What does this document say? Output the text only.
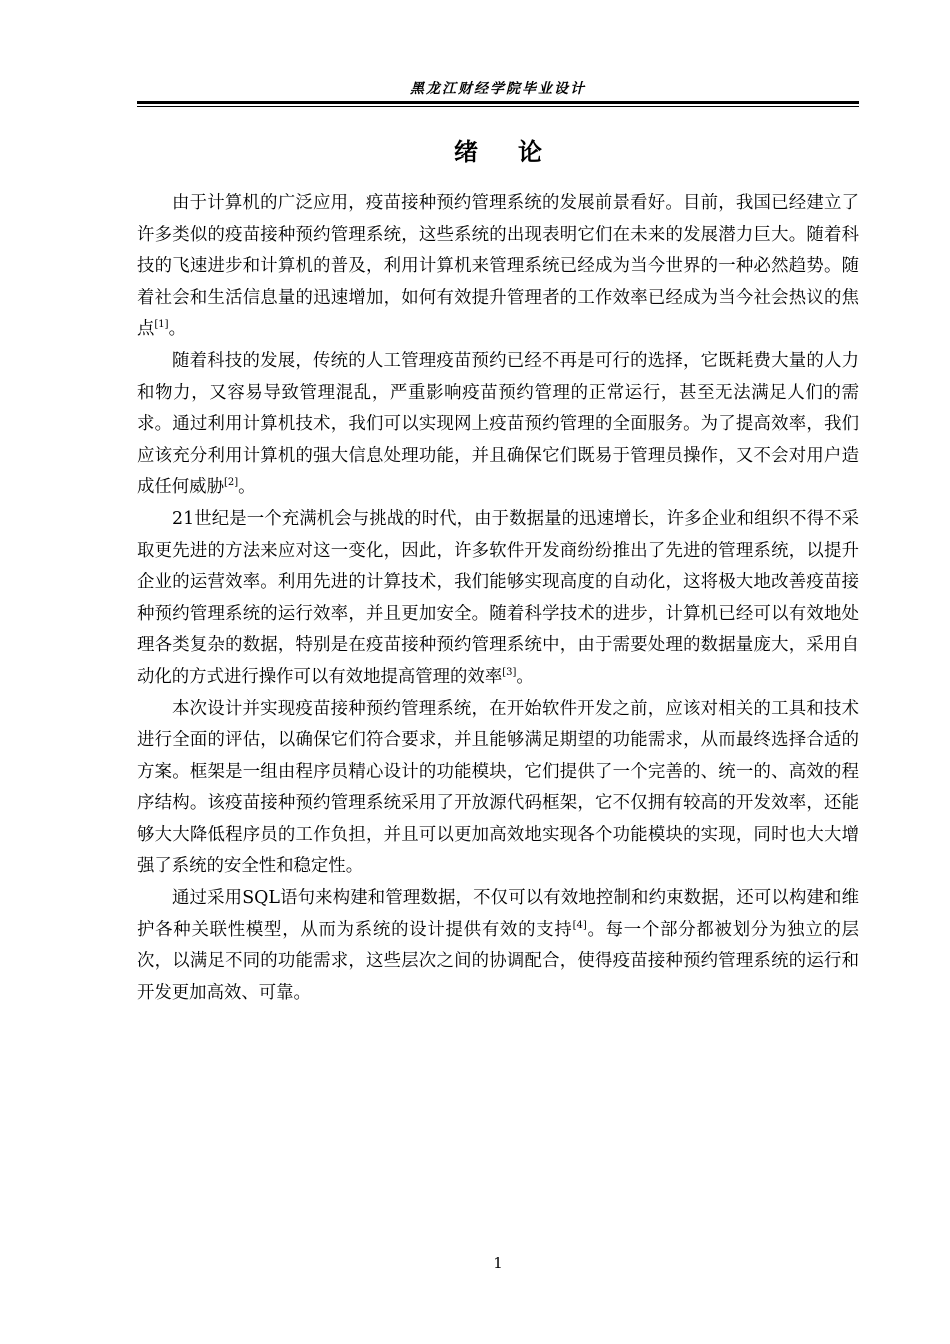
黑龙江财经学院毕业设计
绪论

由于计算机的广泛应用，疫苗接种预约管理系统的发展前景看好。目前，我国已经建立了许多类似的疫苗接种预约管理系统，这些系统的出现表明它们在未来的发展潜力巨大。随着科技的飞速进步和计算机的普及，利用计算机来管理系统已经成为当今世界的一种必然趋势。随着社会和生活信息量的迅速增加，如何有效提升管理者的工作效率已经成为当今社会热议的焦点[1]。

随着科技的发展，传统的人工管理疫苗预约已经不再是可行的选择，它既耗费大量的人力和物力，又容易导致管理混乱，严重影响疫苗预约管理的正常运行，甚至无法满足人们的需求。通过利用计算机技术，我们可以实现网上疫苗预约管理的全面服务。为了提高效率，我们应该充分利用计算机的强大信息处理功能，并且确保它们既易于管理员操作，又不会对用户造成任何威胁[2]。

21世纪是一个充满机会与挑战的时代，由于数据量的迅速增长，许多企业和组织不得不采取更先进的方法来应对这一变化，因此，许多软件开发商纷纷推出了先进的管理系统，以提升企业的运营效率。利用先进的计算技术，我们能够实现高度的自动化，这将极大地改善疫苗接种预约管理系统的运行效率，并且更加安全。随着科学技术的进步，计算机已经可以有效地处理各类复杂的数据，特别是在疫苗接种预约管理系统中，由于需要处理的数据量庞大，采用自动化的方式进行操作可以有效地提高管理的效率[3]。

本次设计并实现疫苗接种预约管理系统，在开始软件开发之前，应该对相关的工具和技术进行全面的评估，以确保它们符合要求，并且能够满足期望的功能需求，从而最终选择合适的方案。框架是一组由程序员精心设计的功能模块，它们提供了一个完善的、统一的、高效的程序结构。该疫苗接种预约管理系统采用了开放源代码框架，它不仅拥有较高的开发效率，还能够大大降低程序员的工作负担，并且可以更加高效地实现各个功能模块的实现，同时也大大增强了系统的安全性和稳定性。

通过采用SQL语句来构建和管理数据，不仅可以有效地控制和约束数据，还可以构建和维护各种关联性模型，从而为系统的设计提供有效的支持[4]。每一个部分都被划分为独立的层次，以满足不同的功能需求，这些层次之间的协调配合，使得疫苗接种预约管理系统的运行和开发更加高效、可靠。

1
